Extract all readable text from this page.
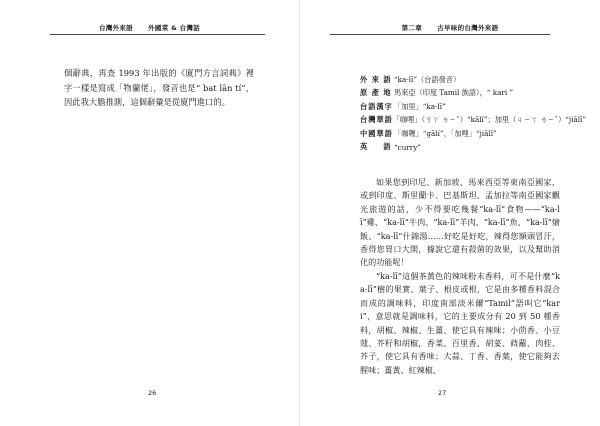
台灣外來語 外國菜 & 台灣話
個辭典，再查 1993 年出版的《廈門方言詞典》裡字一樣是寫成「物蘭佬」，發音也是“ bat lān tí”，因此我大膽推測，這個辭彙是從廈門進口的。
26
第二章 古早味的台灣外來語
外 來 語 “ka-lī”（台語發音）
原 產 地 馬來亞（印度 Tamil 族語），“ kari ”
台語漢字 「加里」“ka-lī”
台灣華語 「咖哩」（ㄎㄚ ㄌㄧˇ）“kālǐ”；加里（ㄐㄧㄚ ㄌㄧˇ）“jiālǐ”
中國華語 「咖喱」“gālí”、「加哩」“jiālī”
英 　 語 “curry”
如果您到印尼、新加坡、馬來西亞等東南亞國家，或到印度、斯里蘭卡、巴基斯坦、孟加拉等南亞國家觀光旅遊的話，少不得要吃幾餐“ka-lī”食物——“ka-lī”雞、“ka-lī”牛肉、“ka-lī”羊肉、“ka-lī”魚、“ka-lī”燴飯、“ka-lī”什錦湯……好吃是好吃，辣得您額頭冒汗，香得您胃口大開，據說它還有殺菌的效果，以及幫助消化的功能呢！
“ka-lī”這個茶黃色的辣味粉末香料，可不是什麼“ka-lī”樹的果實、葉子、根皮或根，它是由多種香料混合而成的調味料，印度南部淡米爾“Tamil”語叫它“kari”，意思就是調味料，它的主要成分有 20 到 50 種香料，胡椒、辣椒、生薑、使它具有辣味；小茴香、小豆蔻、芥籽和胡椒，香菜、百里香、胡荽、蒔蘿、肉桂、芥子，使它具有香味；大蒜、丁香、香葉，使它能夠去腥味；薑黃、紅辣椒、
27
